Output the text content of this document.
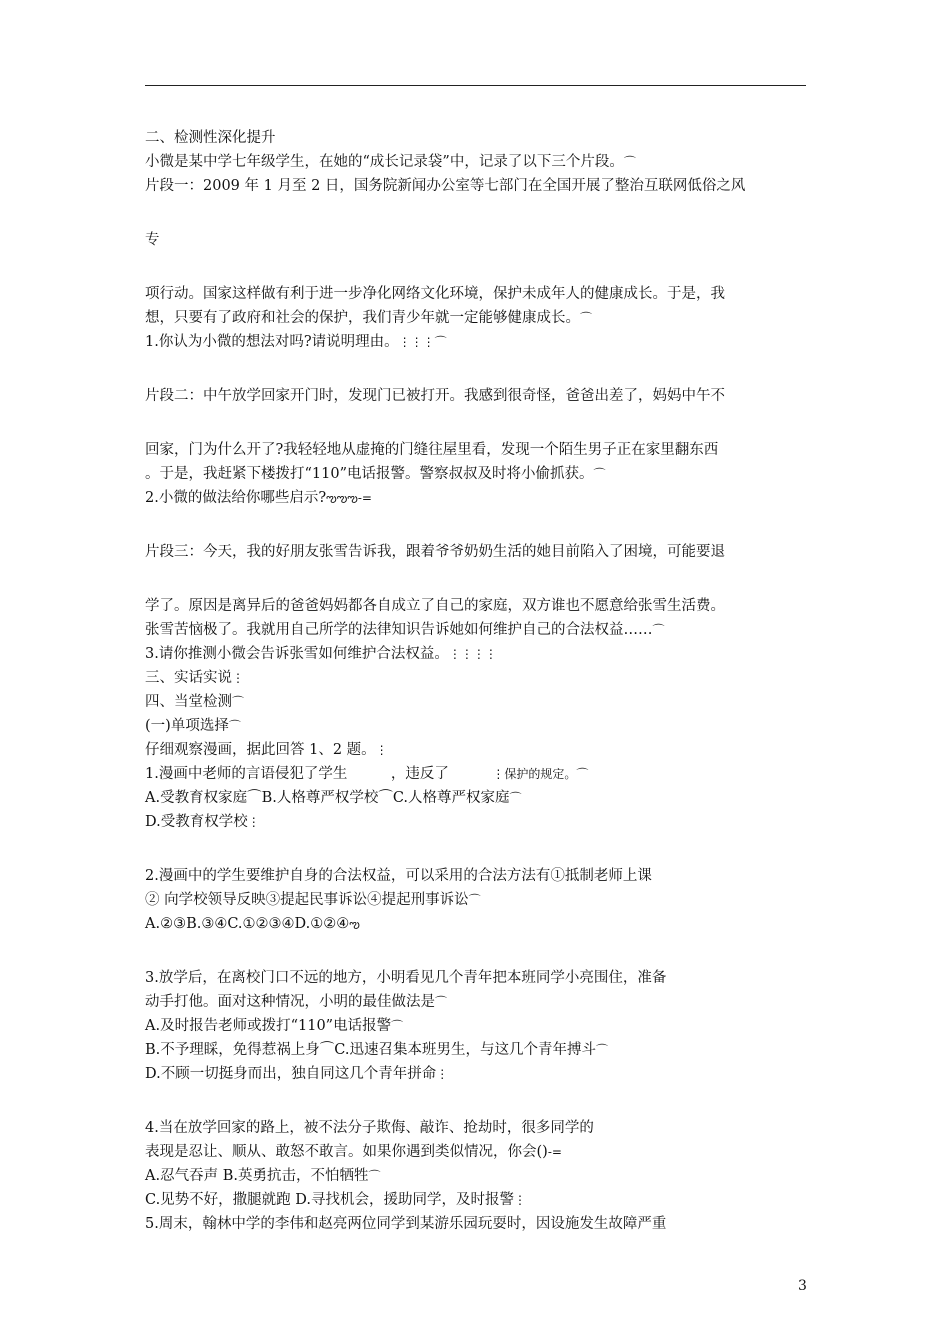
二、检测性深化提升
小微是某中学七年级学生，在她的“成长记录袋”中，记录了以下三个片段。⌒
片段一：2009 年 1 月至 2 日，国务院新闻办公室等七部门在全国开展了整治互联网低俗之风
专
项行动。国家这样做有利于进一步净化网络文化环境，保护未成年人的健康成长。于是，我
想，只要有了政府和社会的保护，我们青少年就一定能够健康成长。⌒
1.你认为小微的想法对吗?请说明理由。⋮⋮⋮⌒
片段二：中午放学回家开门时，发现门已被打开。我感到很奇怪，爸爸出差了，妈妈中午不
回家，门为什么开了?我轻轻地从虚掩的门缝往屋里看，发现一个陌生男子正在家里翻东西
。于是，我赶紧下楼拨打“110”电话报警。警察叔叔及时将小偷抓获。⌒
2.小微的做法给你哪些启示?ఌఌఌ-=
片段三：今天，我的好朋友张雪告诉我，跟着爷爷奶奶生活的她目前陷入了困境，可能要退
学了。原因是离异后的爸爸妈妈都各自成立了自己的家庭，双方谁也不愿意给张雪生活费。
张雪苦恼极了。我就用自己所学的法律知识告诉她如何维护自己的合法权益……⌒
3.请你推测小微会告诉张雪如何维护合法权益。⋮⋮⋮⋮
三、实话实说⋮
四、当堂检测⌒
(一)单项选择⌒
仔细观察漫画，据此回答 1、2 题。⋮
1.漫画中老师的言语侵犯了学生　　　，违反了　　　⋮保护的规定。⌒
A.受教育权家庭⌒B.人格尊严权学校⌒C.人格尊严权家庭⌒
D.受教育权学校⋮
2.漫画中的学生要维护自身的合法权益，可以采用的合法方法有①抵制老师上课
② 向学校领导反映③提起民事诉讼④提起刑事诉讼⌒
A.②③B.③④C.①②③④D.①②④ఌ
3.放学后，在离校门口不远的地方，小明看见几个青年把本班同学小亮围住，准备
动手打他。面对这种情况，小明的最佳做法是⌒
A.及时报告老师或拨打“110”电话报警⌒
B.不予理睬，免得惹祸上身⌒C.迅速召集本班男生，与这几个青年搏斗⌒
D.不顾一切挺身而出，独自同这几个青年拼命⋮
4.当在放学回家的路上，被不法分子欺侮、敲诈、抢劫时，很多同学的
表现是忍让、顺从、敢怒不敢言。如果你遇到类似情况，你会()-=
A.忍气吞声 B.英勇抗击，不怕牺牲⌒
C.见势不好，撒腿就跑 D.寻找机会，援助同学，及时报警⋮
5.周末，翰林中学的李伟和赵亮两位同学到某游乐园玩耍时，因设施发生故障严重
3
